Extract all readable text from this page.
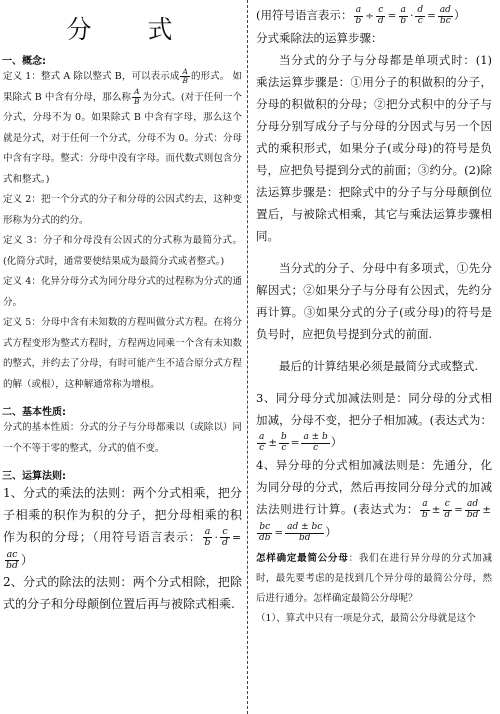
分 式
一、概念:

定义 1：整式 A 除以整式 B，可以表示成 $\frac{A}{B}$ 的形式。 如果除式 B 中含有分母，那么称 $\frac{A}{B}$ 为分式。(对于任何一个分式，分母不为 0。如果除式 B 中含有字母，那么这个就是分式，对于任何一个分式，分母不为 0。分式：分母中含有字母。整式：分母中没有字母。而代数式则包含分式和整式。)

定义 2：把一个分式的分子和分母的公因式约去，这种变形称为分式的约分。

定义 3：分子和分母没有公因式的分式称为最简分式。(化简分式时，通常要使结果成为最简分式或者整式。)

定义 4：化异分母分式为同分母分式的过程称为分式的通分。

定义 5：分母中含有未知数的方程叫做分式方程。在将分式方程变形为整式方程时，方程两边同乘一个含有未知数的整式，并约去了分母，有时可能产生不适合原分式方程的解（或根），这种解通常称为增根。

二、基本性质:

分式的基本性质：分式的分子与分母都乘以（或除以）同一个不等于零的整式，分式的值不变。

三、运算法则:

1、分式的乘法的法则：两个分式相乘，把分子相乘的积作为积的分子，把分母相乘的积作为积的分母；（用符号语言表示： $\frac{a}{b} \cdot \frac{c}{d}$ =
$\frac{ac}{bd}$ ）

2、分式的除法的法则：两个分式相除，把除式的分子和分母颠倒位置后再与被除式相乘.

(用符号语言表示： $\frac{a}{b} \div \frac{c}{d} = \frac{a}{b} \cdot \frac{d}{c} = \frac{ad}{bc}$ ）

分式乘除法的运算步骤：

当分式的分子与分母都是单项式时：(1) 乘法运算步骤是：①用分子的积做积的分子，分母的积做积的分母；②把分式积中的分子与分母分别写成分子与分母的分因式与另一个因式的乘积形式，如果分子(或分母)的符号是负号，应把负号提到分式的前面；③约分。(2)除法运算步骤是：把除式中的分子与分母颠倒位置后，与被除式相乘，其它与乘法运算步骤相同。

当分式的分子、分母中有多项式，①先分解因式；②如果分子与分母有公因式，先约分再计算。③如果分式的分子(或分母)的符号是负号时，应把负号提到分式的前面.

最后的计算结果必须是最简分式或整式.

3、同分母分式加减法则是：同分母的分式相加减，分母不变，把分子相加减。(表达式为：
$\frac{a}{c} \pm \frac{b}{c} = \frac{a \pm b}{c}$ ）

4、异分母的分式相加减法则是：先通分，化为同分母的分式，然后再按同分母分式的加减法法则进行计算。(表达式为： $\frac{a}{b} \pm \frac{c}{d} = \frac{ad}{bd}$ ±
$\frac{bc}{db} = \frac{ad \pm bc}{bd}$ ）

怎样确定最简公分母：我们在进行异分母的分式加减时，最先要考虑的是找到几个异分母的最简公分母，然后进行通分。怎样确定最简公分母呢？

（1）、算式中只有一项是分式，最简公分母就是这个
